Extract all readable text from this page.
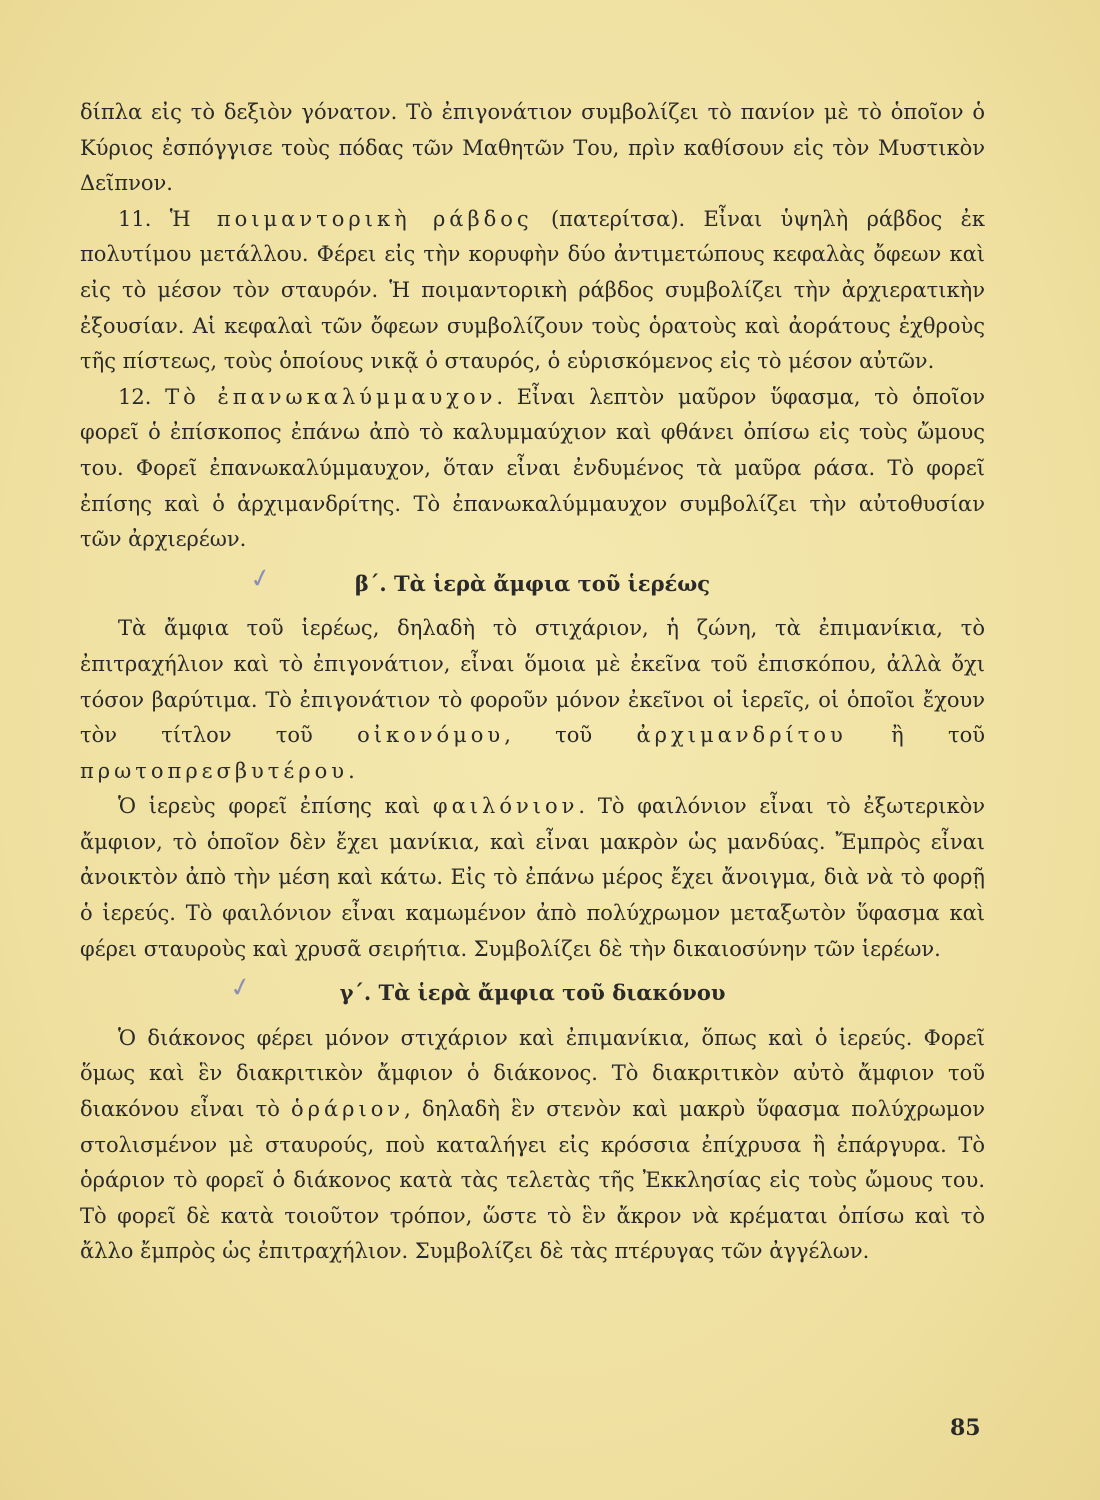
δίπλα εἰς τὸ δεξιὸν γόνατον. Τὸ ἐπιγονάτιον συμβολίζει τὸ πανίον μὲ τὸ ὁποῖον ὁ Κύριος ἐσπόγγισε τοὺς πόδας τῶν Μαθητῶν Του, πρὶν καθίσουν εἰς τὸν Μυστικὸν Δεῖπνον.

11. Ἡ ποιμαντορικὴ ράβδος (πατερίτσα). Εἶναι ὑψηλὴ ράβδος ἐκ πολυτίμου μετάλλου. Φέρει εἰς τὴν κορυφὴν δύο ἀντιμετώπους κεφαλὰς ὄφεων καὶ εἰς τὸ μέσον τὸν σταυρόν. Ἡ ποιμαντορικὴ ράβδος συμβολίζει τὴν ἀρχιερατικὴν ἐξουσίαν. Αἱ κεφαλαὶ τῶν ὄφεων συμβολίζουν τοὺς ὁρατοὺς καὶ ἀοράτους ἐχθροὺς τῆς πίστεως, τοὺς ὁποίους νικᾷ ὁ σταυρός, ὁ εὑρισκόμενος εἰς τὸ μέσον αὐτῶν.

12. Τὸ ἐπανωκαλύμμαυχον. Εἶναι λεπτὸν μαῦρον ὕφασμα, τὸ ὁποῖον φορεῖ ὁ ἐπίσκοπος ἐπάνω ἀπὸ τὸ καλυμμαύχιον καὶ φθάνει ὀπίσω εἰς τοὺς ὤμους του. Φορεῖ ἐπανωκαλύμμαυχον, ὅταν εἶναι ἐνδυμένος τὰ μαῦρα ράσα. Τὸ φορεῖ ἐπίσης καὶ ὁ ἀρχιμανδρίτης. Τὸ ἐπανωκαλύμμαυχον συμβολίζει τὴν αὐτοθυσίαν τῶν ἀρχιερέων.

✓	β΄. Τὰ ἱερὰ ἄμφια τοῦ ἱερέως

Τὰ ἄμφια τοῦ ἱερέως, δηλαδὴ τὸ στιχάριον, ἡ ζώνη, τὰ ἐπιμανίκια, τὸ ἐπιτραχήλιον καὶ τὸ ἐπιγονάτιον, εἶναι ὅμοια μὲ ἐκεῖνα τοῦ ἐπισκόπου, ἀλλὰ ὄχι τόσον βαρύτιμα. Τὸ ἐπιγονάτιον τὸ φοροῦν μόνον ἐκεῖνοι οἱ ἱερεῖς, οἱ ὁποῖοι ἔχουν τὸν τίτλον τοῦ οἰκονόμου, τοῦ ἀρχιμανδρίτου ἢ τοῦ πρωτοπρεσβυτέρου.

Ὁ ἱερεὺς φορεῖ ἐπίσης καὶ φαιλόνιον. Τὸ φαιλόνιον εἶναι τὸ ἐξωτερικὸν ἄμφιον, τὸ ὁποῖον δὲν ἔχει μανίκια, καὶ εἶναι μακρὸν ὡς μανδύας. Ἔμπρὸς εἶναι ἀνοικτὸν ἀπὸ τὴν μέση καὶ κάτω. Εἰς τὸ ἐπάνω μέρος ἔχει ἄνοιγμα, διὰ νὰ τὸ φορῇ ὁ ἱερεύς. Τὸ φαιλόνιον εἶναι καμωμένον ἀπὸ πολύχρωμον μεταξωτὸν ὕφασμα καὶ φέρει σταυροὺς καὶ χρυσᾶ σειρήτια. Συμβολίζει δὲ τὴν δικαιοσύνην τῶν ἱερέων.

✓	γ΄. Τὰ ἱερὰ ἄμφια τοῦ διακόνου

Ὁ διάκονος φέρει μόνον στιχάριον καὶ ἐπιμανίκια, ὅπως καὶ ὁ ἱερεύς. Φορεῖ ὅμως καὶ ἓν διακριτικὸν ἄμφιον ὁ διάκονος. Τὸ διακριτικὸν αὐτὸ ἄμφιον τοῦ διακόνου εἶναι τὸ ὁράριον, δηλαδὴ ἓν στενὸν καὶ μακρὺ ὕφασμα πολύχρωμον στολισμένον μὲ σταυρούς, ποὺ καταλήγει εἰς κρόσσια ἐπίχρυσα ἢ ἐπάργυρα. Τὸ ὁράριον τὸ φορεῖ ὁ διάκονος κατὰ τὰς τελετὰς τῆς Ἐκκλησίας εἰς τοὺς ὤμους του. Τὸ φορεῖ δὲ κατὰ τοιοῦτον τρόπον, ὥστε τὸ ἓν ἄκρον νὰ κρέμαται ὀπίσω καὶ τὸ ἄλλο ἔμπρὸς ὡς ἐπιτραχήλιον. Συμβολίζει δὲ τὰς πτέρυγας τῶν ἀγγέλων.

85
